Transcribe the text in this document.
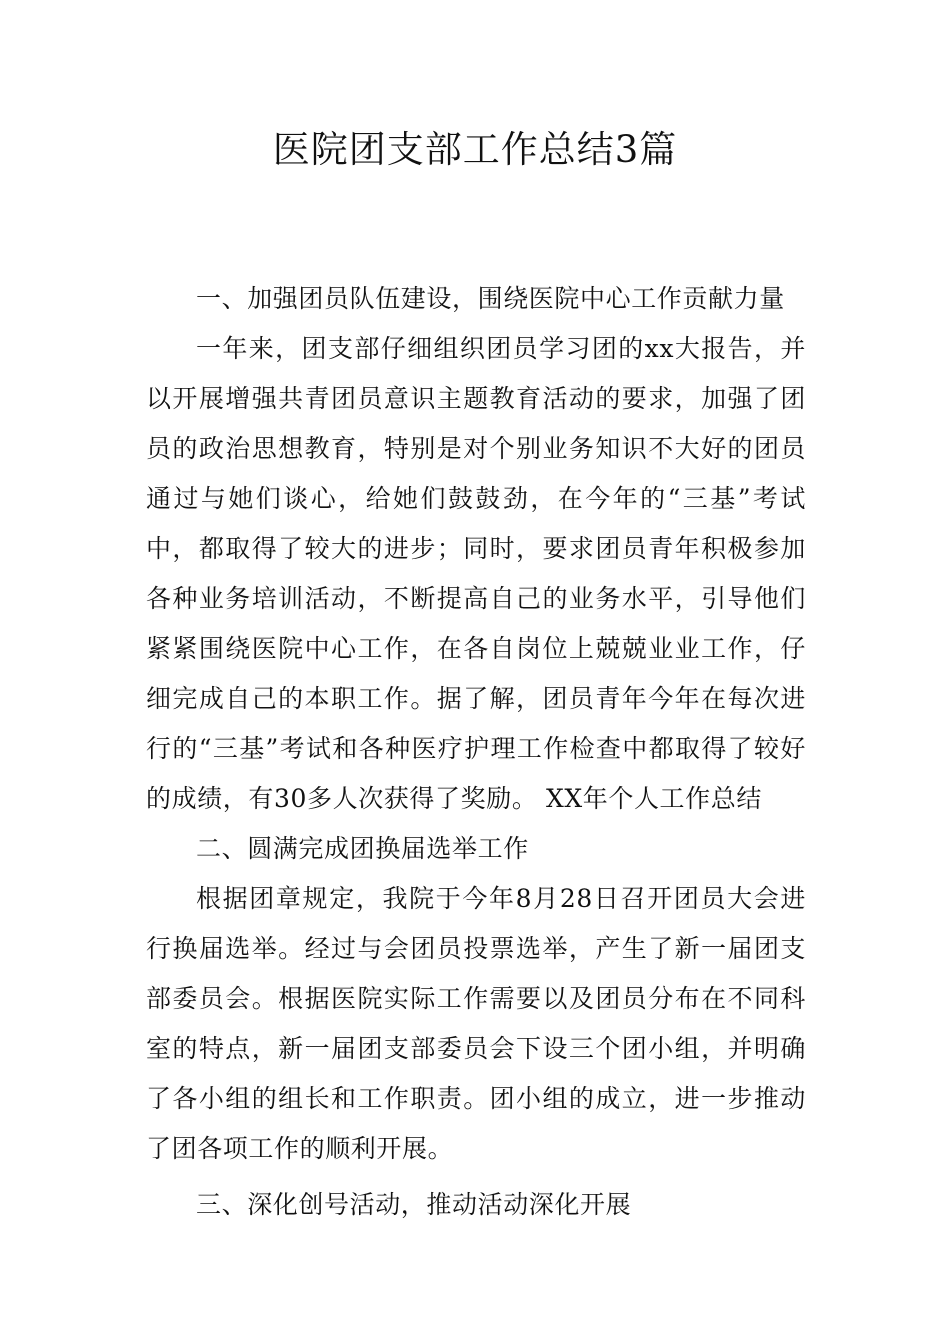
医院团支部工作总结3篇

一、加强团员队伍建设，围绕医院中心工作贡献力量

一年来，团支部仔细组织团员学习团的xx大报告，并以开展增强共青团员意识主题教育活动的要求，加强了团员的政治思想教育，特别是对个别业务知识不大好的团员通过与她们谈心，给她们鼓鼓劲，在今年的“三基”考试中，都取得了较大的进步；同时，要求团员青年积极参加各种业务培训活动，不断提高自己的业务水平，引导他们紧紧围绕医院中心工作，在各自岗位上兢兢业业工作，仔细完成自己的本职工作。据了解，团员青年今年在每次进行的“三基”考试和各种医疗护理工作检查中都取得了较好的成绩，有30多人次获得了奖励。 XX年个人工作总结

二、圆满完成团换届选举工作

根据团章规定，我院于今年8月28日召开团员大会进行换届选举。经过与会团员投票选举，产生了新一届团支部委员会。根据医院实际工作需要以及团员分布在不同科室的特点，新一届团支部委员会下设三个团小组，并明确了各小组的组长和工作职责。团小组的成立，进一步推动了团各项工作的顺利开展。

三、深化创号活动，推动活动深化开展
